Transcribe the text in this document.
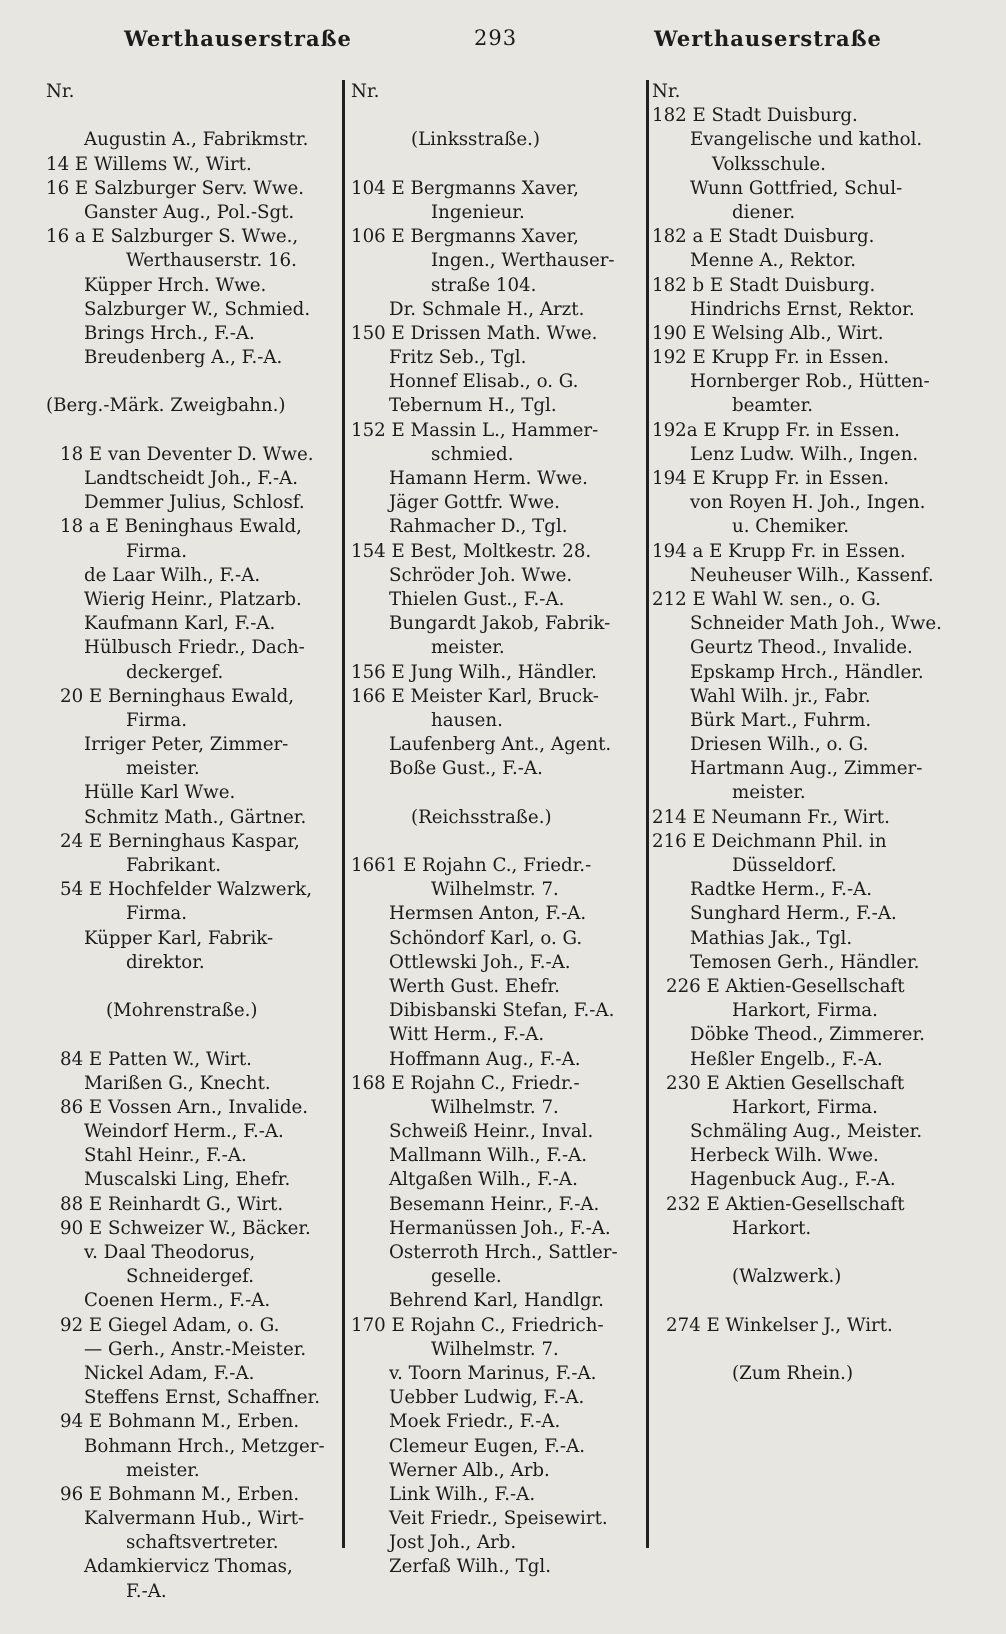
Werthauserstraße	293	Werthauserstraße
Nr.
Augustin A., Fabrikmstr.
14 E Willems W., Wirt.
16 E Salzburger Serv. Wwe.
Ganster Aug., Pol.-Sgt.
16 a E Salzburger S. Wwe.,
Werthauserstr. 16.
Küpper Hrch. Wwe.
Salzburger W., Schmied.
Brings Hrch., F.-A.
Breudenberg A., F.-A.
(Berg.-Märk. Zweigbahn.)
18 E van Deventer D. Wwe.
Landtscheidt Joh., F.-A.
Demmer Julius, Schlosf.
18 a E Beninghaus Ewald,
Firma.
de Laar Wilh., F.-A.
Wierig Heinr., Platzarb.
Kaufmann Karl, F.-A.
Hülbusch Friedr., Dach-
deckergef.
20 E Berninghaus Ewald,
Firma.
Irriger Peter, Zimmer-
meister.
Hülle Karl Wwe.
Schmitz Math., Gärtner.
24 E Berninghaus Kaspar,
Fabrikant.
54 E Hochfelder Walzwerk,
Firma.
Küpper Karl, Fabrik-
direktor.
(Mohrenstraße.)
84 E Patten W., Wirt.
Marißen G., Knecht.
86 E Vossen Arn., Invalide.
Weindorf Herm., F.-A.
Stahl Heinr., F.-A.
Muscalski Ling, Ehefr.
88 E Reinhardt G., Wirt.
90 E Schweizer W., Bäcker.
v. Daal Theodorus,
Schneidergef.
Coenen Herm., F.-A.
92 E Giegel Adam, o. G.
— Gerh., Anstr.-Meister.
Nickel Adam, F.-A.
Steffens Ernst, Schaffner.
94 E Bohmann M., Erben.
Bohmann Hrch., Metzger-
meister.
96 E Bohmann M., Erben.
Kalvermann Hub., Wirt-
schaftsvertreter.
Adamkiervicz Thomas,
F.-A.
Nr.
(Linksstraße.)
104 E Bergmanns Xaver,
Ingenieur.
106 E Bergmanns Xaver,
Ingen., Werthauser-
straße 104.
Dr. Schmale H., Arzt.
150 E Drissen Math. Wwe.
Fritz Seb., Tgl.
Honnef Elisab., o. G.
Tebernum H., Tgl.
152 E Massin L., Hammer-
schmied.
Hamann Herm. Wwe.
Jäger Gottfr. Wwe.
Rahmacher D., Tgl.
154 E Best, Moltkestr. 28.
Schröder Joh. Wwe.
Thielen Gust., F.-A.
Bungardt Jakob, Fabrik-
meister.
156 E Jung Wilh., Händler.
166 E Meister Karl, Bruck-
hausen.
Laufenberg Ant., Agent.
Boße Gust., F.-A.
(Reichsstraße.)
1661 E Rojahn C., Friedr.-
Wilhelmstr. 7.
Hermsen Anton, F.-A.
Schöndorf Karl, o. G.
Ottlewski Joh., F.-A.
Werth Gust. Ehefr.
Dibisbanski Stefan, F.-A.
Witt Herm., F.-A.
Hoffmann Aug., F.-A.
168 E Rojahn C., Friedr.-
Wilhelmstr. 7.
Schweiß Heinr., Inval.
Mallmann Wilh., F.-A.
Altgaßen Wilh., F.-A.
Besemann Heinr., F.-A.
Hermanüssen Joh., F.-A.
Osterroth Hrch., Sattler-
geselle.
Behrend Karl, Handlgr.
170 E Rojahn C., Friedrich-
Wilhelmstr. 7.
v. Toorn Marinus, F.-A.
Uebber Ludwig, F.-A.
Moek Friedr., F.-A.
Clemeur Eugen, F.-A.
Werner Alb., Arb.
Link Wilh., F.-A.
Veit Friedr., Speisewirt.
Jost Joh., Arb.
Zerfaß Wilh., Tgl.
Nr.
182 E Stadt Duisburg.
Evangelische und kathol.
Volksschule.
Wunn Gottfried, Schul-
diener.
182 a E Stadt Duisburg.
Menne A., Rektor.
182 b E Stadt Duisburg.
Hindrichs Ernst, Rektor.
190 E Welsing Alb., Wirt.
192 E Krupp Fr. in Essen.
Hornberger Rob., Hütten-
beamter.
192a E Krupp Fr. in Essen.
Lenz Ludw. Wilh., Ingen.
194 E Krupp Fr. in Essen.
von Royen H. Joh., Ingen.
u. Chemiker.
194 a E Krupp Fr. in Essen.
Neuheuser Wilh., Kassenf.
212 E Wahl W. sen., o. G.
Schneider Math Joh., Wwe.
Geurtz Theod., Invalide.
Epskamp Hrch., Händler.
Wahl Wilh. jr., Fabr.
Bürk Mart., Fuhrm.
Driesen Wilh., o. G.
Hartmann Aug., Zimmer-
meister.
214 E Neumann Fr., Wirt.
216 E Deichmann Phil. in
Düsseldorf.
Radtke Herm., F.-A.
Sunghard Herm., F.-A.
Mathias Jak., Tgl.
Temosen Gerh., Händler.
226 E Aktien-Gesellschaft
Harkort, Firma.
Döbke Theod., Zimmerer.
Heßler Engelb., F.-A.
230 E Aktien Gesellschaft
Harkort, Firma.
Schmäling Aug., Meister.
Herbeck Wilh. Wwe.
Hagenbuck Aug., F.-A.
232 E Aktien-Gesellschaft
Harkort.
(Walzwerk.)
274 E Winkelser J., Wirt.
(Zum Rhein.)
